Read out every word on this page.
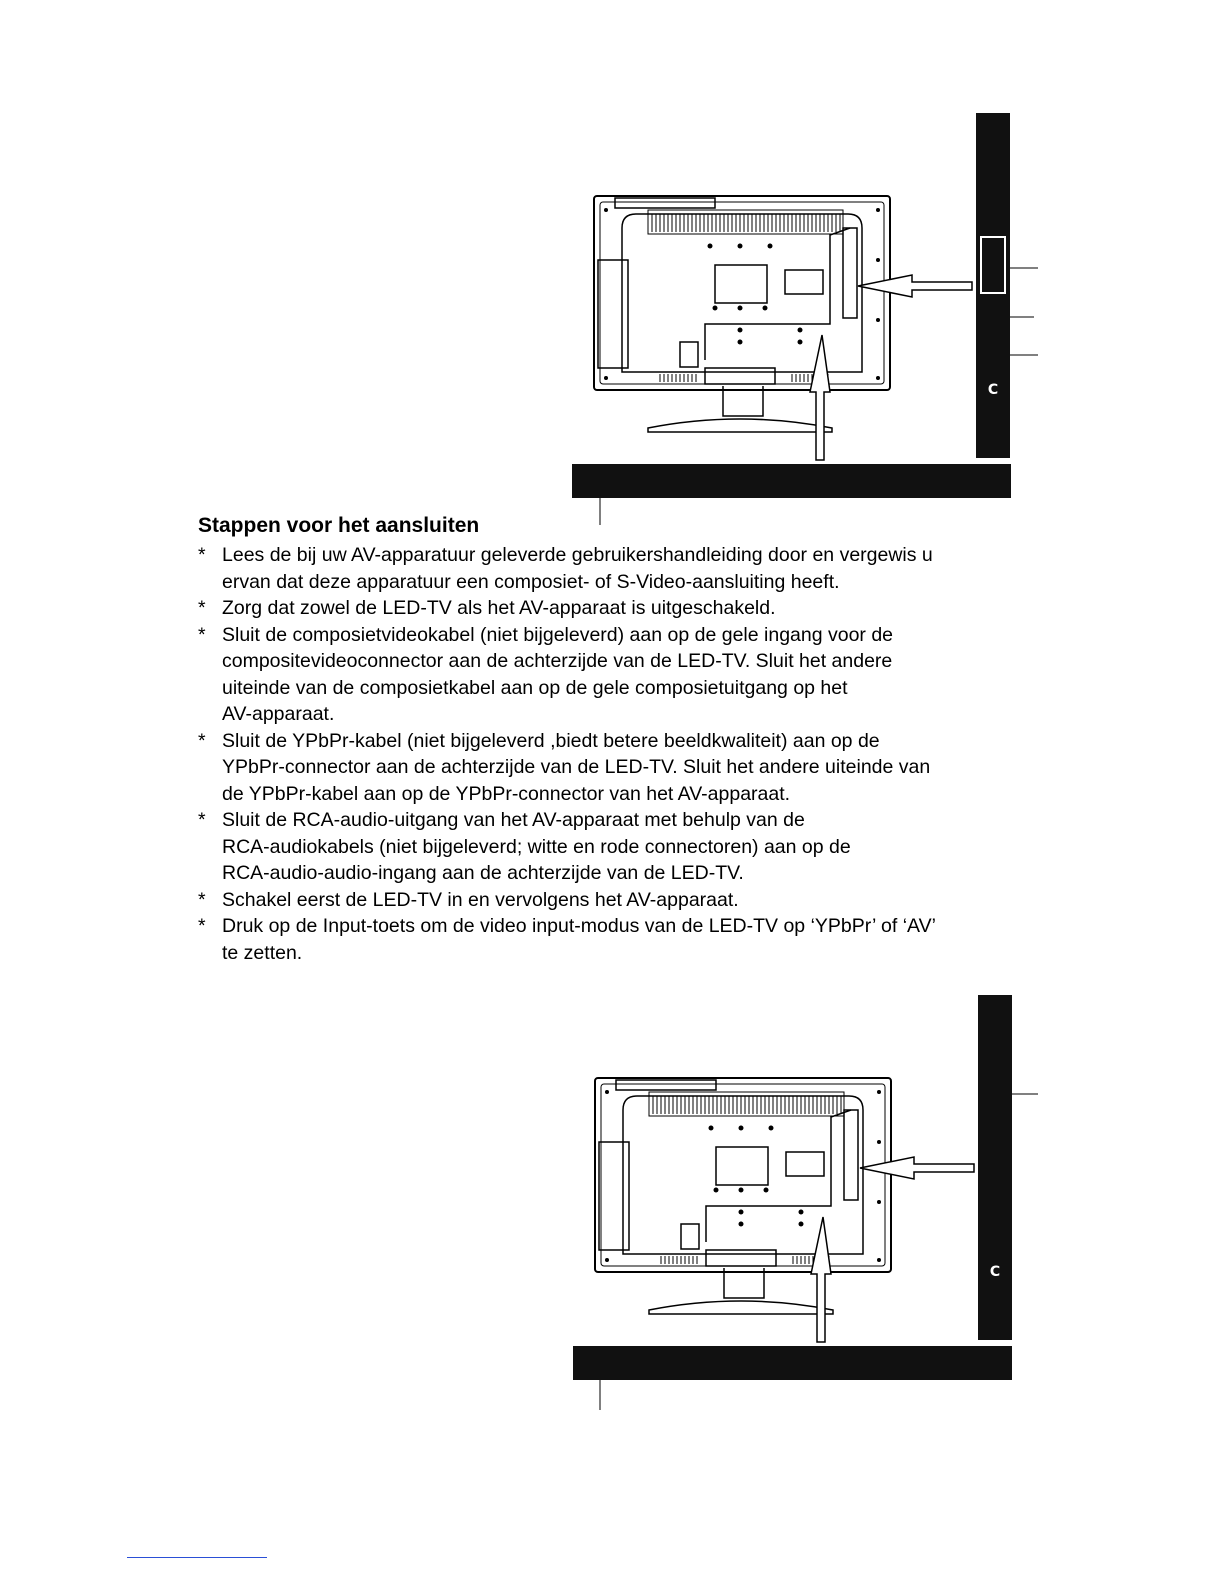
C
Stappen voor het aansluiten
* Lees de bij uw AV-apparatuur geleverde gebruikershandleiding door en vergewis u
ervan dat deze apparatuur een composiet- of S-Video-aansluiting heeft.
* Zorg dat zowel de LED-TV als het AV-apparaat is uitgeschakeld.
* Sluit de composietvideokabel (niet bijgeleverd) aan op de gele ingang voor de
compositevideoconnector aan de achterzijde van de LED-TV. Sluit het andere
uiteinde van de composietkabel aan op de gele composietuitgang op het
AV-apparaat.
* Sluit de YPbPr-kabel (niet bijgeleverd ,biedt betere beeldkwaliteit) aan op de
YPbPr-connector aan de achterzijde van de LED-TV. Sluit het andere uiteinde van
de YPbPr-kabel aan op de YPbPr-connector van het AV-apparaat.
* Sluit de RCA-audio-uitgang van het AV-apparaat met behulp van de
RCA-audiokabels (niet bijgeleverd; witte en rode connectoren) aan op de
RCA-audio-audio-ingang aan de achterzijde van de LED-TV.
* Schakel eerst de LED-TV in en vervolgens het AV-apparaat.
* Druk op de Input-toets om de video input-modus van de LED-TV op ‘YPbPr’ of ‘AV’
te zetten.
C
